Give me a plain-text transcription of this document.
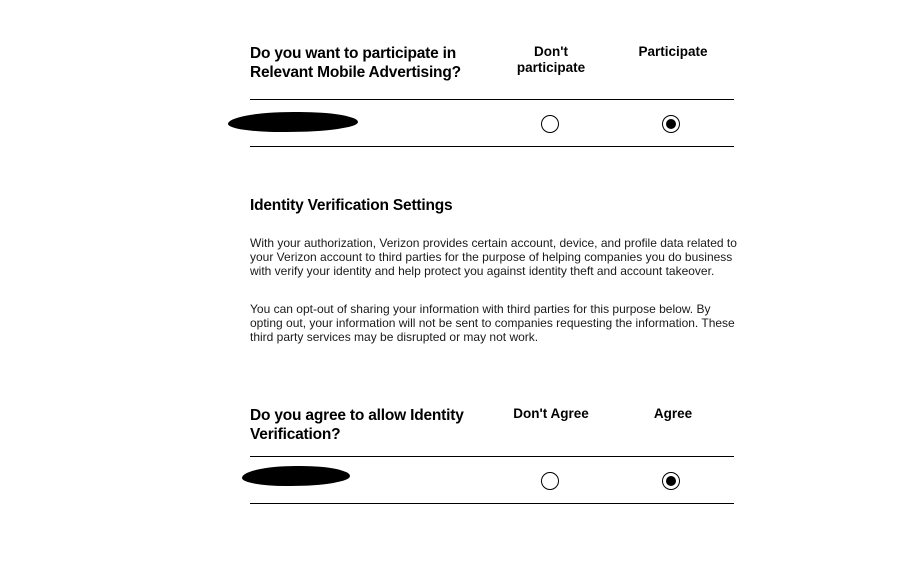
Do you want to participate in Relevant Mobile Advertising?
Don't participate
Participate
Identity Verification Settings
With your authorization, Verizon provides certain account, device, and profile data related to your Verizon account to third parties for the purpose of helping companies you do business with verify your identity and help protect you against identity theft and account takeover.
You can opt-out of sharing your information with third parties for this purpose below. By opting out, your information will not be sent to companies requesting the information. These third party services may be disrupted or may not work.
Do you agree to allow Identity Verification?
Don't Agree	Agree
